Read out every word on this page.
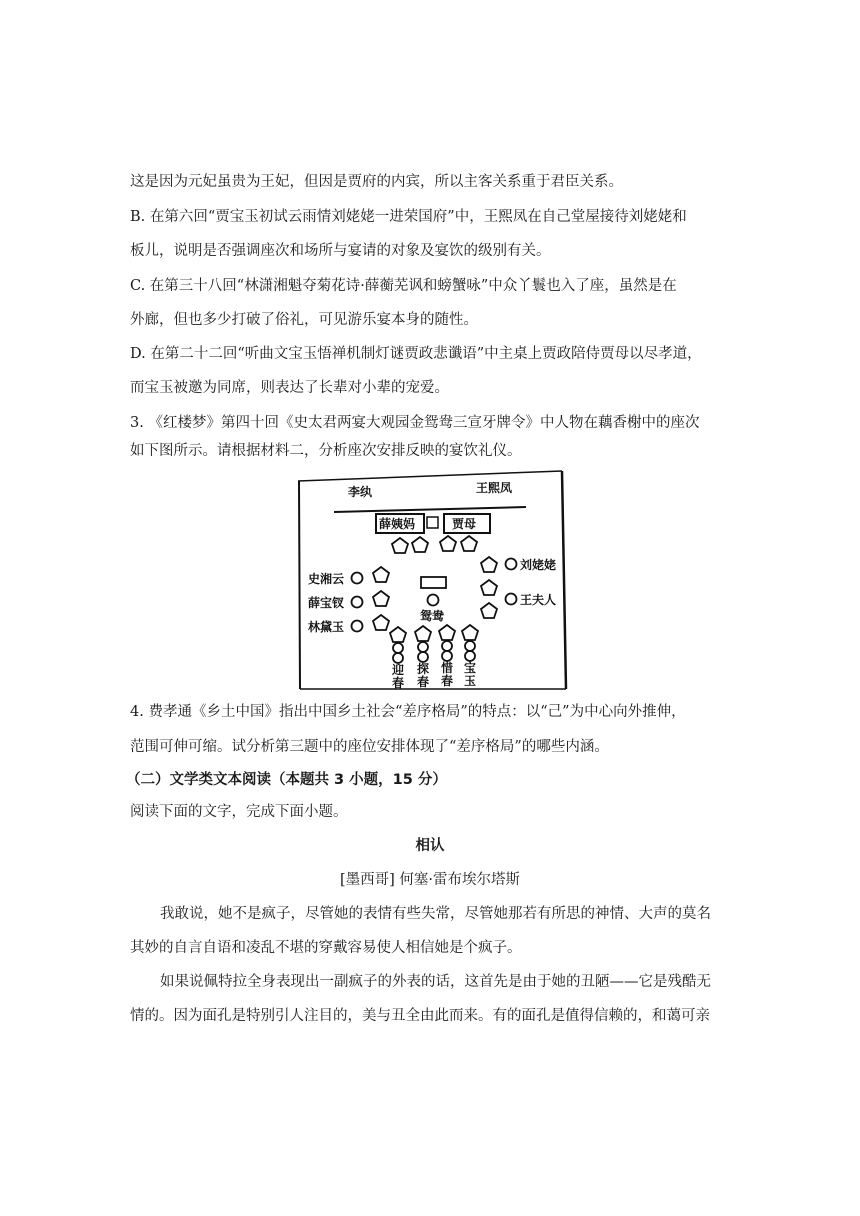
这是因为元妃虽贵为王妃，但因是贾府的内宾，所以主客关系重于君臣关系。
B. 在第六回“贾宝玉初试云雨情刘姥姥一进荣国府”中，王熙凤在自己堂屋接待刘姥姥和
板儿，说明是否强调座次和场所与宴请的对象及宴饮的级别有关。
C. 在第三十八回“林潇湘魁夺菊花诗·薛蘅芜讽和螃蟹咏”中众丫鬟也入了座，虽然是在
外廊，但也多少打破了俗礼，可见游乐宴本身的随性。
D. 在第二十二回“听曲文宝玉悟禅机制灯谜贾政悲谶语”中主桌上贾政陪侍贾母以尽孝道，
而宝玉被邀为同席，则表达了长辈对小辈的宠爱。
3. 《红楼梦》第四十回《史太君两宴大观园金鸳鸯三宣牙牌令》中人物在藕香榭中的座次
如下图所示。请根据材料二，分析座次安排反映的宴饮礼仪。
李纨	王熙凤
薛姨妈	贾母
史湘云
薛宝钗
林黛玉
刘姥姥
王夫人
鸳鸯
迎
春
探
春
惜
春
宝
玉
4. 费孝通《乡土中国》指出中国乡土社会“差序格局”的特点：以“己”为中心向外推伸，
范围可伸可缩。试分析第三题中的座位安排体现了“差序格局”的哪些内涵。
（二）文学类文本阅读（本题共 3 小题，15 分）
阅读下面的文字，完成下面小题。
相认
[墨西哥] 何塞·雷布埃尔塔斯
我敢说，她不是疯子，尽管她的表情有些失常，尽管她那若有所思的神情、大声的莫名
其妙的自言自语和凌乱不堪的穿戴容易使人相信她是个疯子。
如果说佩特拉全身表现出一副疯子的外表的话，这首先是由于她的丑陋——它是残酷无
情的。因为面孔是特别引人注目的，美与丑全由此而来。有的面孔是值得信赖的，和蔼可亲
